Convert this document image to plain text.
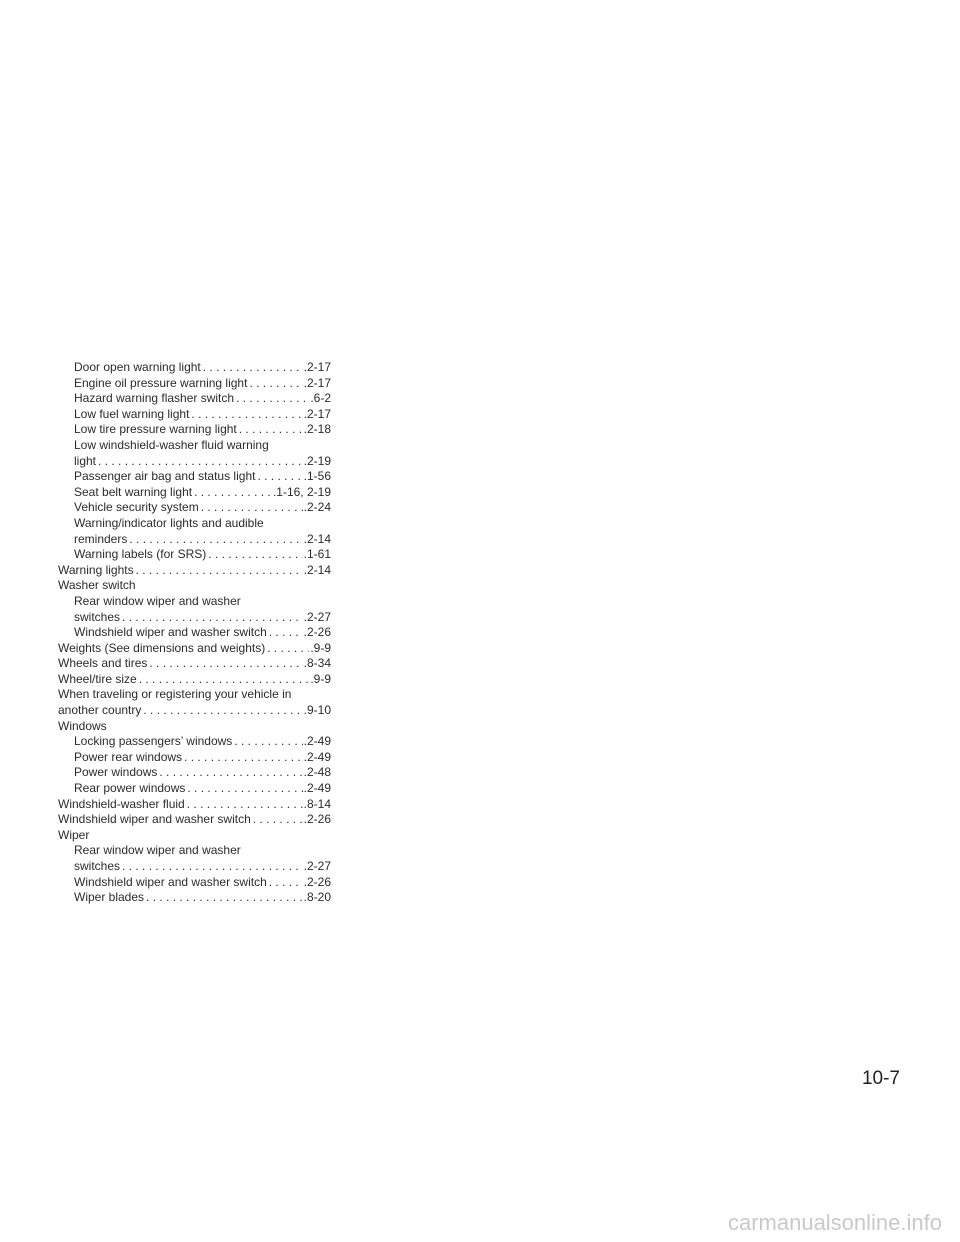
Door open warning light . . .	.2-17
Engine oil pressure warning light . . .	.2-17
Hazard warning flasher switch . . .	.6-2
Low fuel warning light . . .	.2-17
Low tire pressure warning light . . .	.2-18
Low windshield-washer fluid warning
light . . .	.2-19
Passenger air bag and status light . . .	.1-56
Seat belt warning light . . .	.1-16, 2-19
Vehicle security system . . .	.2-24
Warning/indicator lights and audible
reminders . . .	.2-14
Warning labels (for SRS) . . .	.1-61
Warning lights . . .	.2-14
Washer switch
Rear window wiper and washer
switches . . .	.2-27
Windshield wiper and washer switch . . .	.2-26
Weights (See dimensions and weights) . . .	.9-9
Wheels and tires . . .	.8-34
Wheel/tire size . . .	.9-9
When traveling or registering your vehicle in
another country . . .	.9-10
Windows
Locking passengers’ windows . . .	.2-49
Power rear windows . . .	.2-49
Power windows . . .	.2-48
Rear power windows . . .	.2-49
Windshield-washer fluid . . .	.8-14
Windshield wiper and washer switch . . .	.2-26
Wiper
Rear window wiper and washer
switches . . .	.2-27
Windshield wiper and washer switch . . .	.2-26
Wiper blades . . .	.8-20
10-7
carmanualsonline.info
